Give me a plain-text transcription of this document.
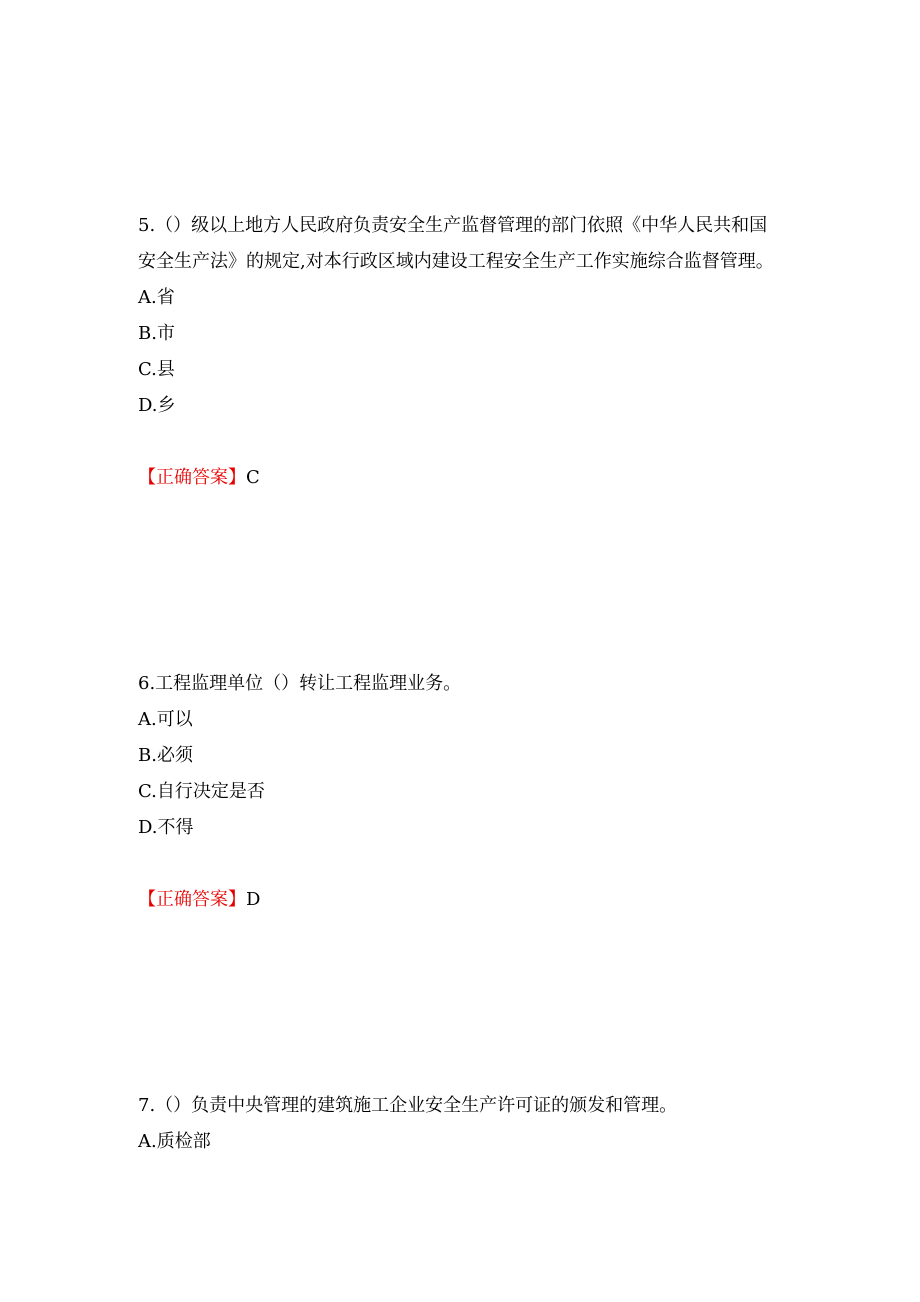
5.（）级以上地方人民政府负责安全生产监督管理的部门依照《中华人民共和国
安全生产法》的规定,对本行政区域内建设工程安全生产工作实施综合监督管理。
A.省
B.市
C.县
D.乡
【正确答案】C
6.工程监理单位（）转让工程监理业务。
A.可以
B.必须
C.自行决定是否
D.不得
【正确答案】D
7.（）负责中央管理的建筑施工企业安全生产许可证的颁发和管理。
A.质检部
